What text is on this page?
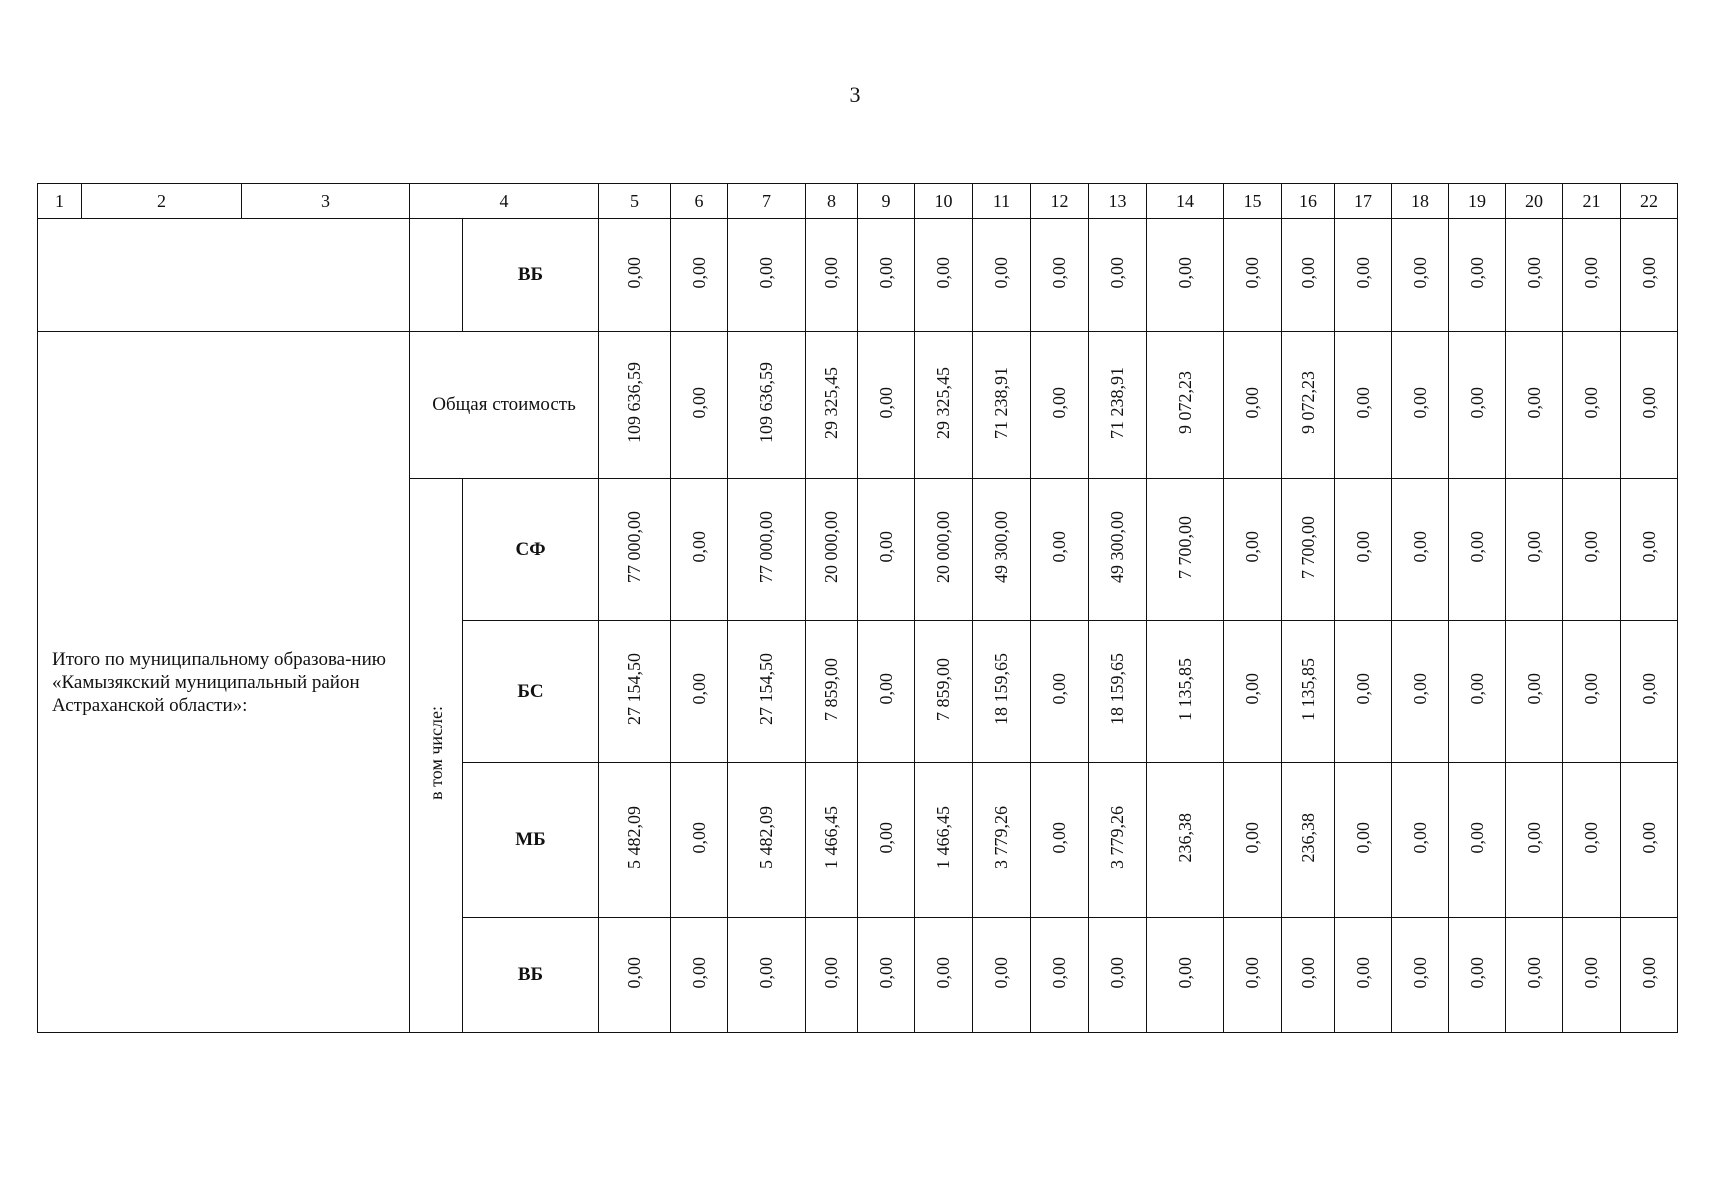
3
1	2	3	4		5	6	7	8	9	10	11	12	13	14	15	16	17	18	19	20	21	22
				ВБ	0,00	0,00	0,00	0,00	0,00	0,00	0,00	0,00	0,00	0,00	0,00	0,00	0,00	0,00	0,00	0,00	0,00	0,00
Итого по муниципальному образова-нию «Камызякский муниципальный район Астраханской области»:			Общая стоимость		109 636,59	0,00	109 636,59	29 325,45	0,00	29 325,45	71 238,91	0,00	71 238,91	9 072,23	0,00	9 072,23	0,00	0,00	0,00	0,00	0,00	0,00
			в том числе:	СФ	77 000,00	0,00	77 000,00	20 000,00	0,00	20 000,00	49 300,00	0,00	49 300,00	7 700,00	0,00	7 700,00	0,00	0,00	0,00	0,00	0,00	0,00
				БС	27 154,50	0,00	27 154,50	7 859,00	0,00	7 859,00	18 159,65	0,00	18 159,65	1 135,85	0,00	1 135,85	0,00	0,00	0,00	0,00	0,00	0,00
				МБ	5 482,09	0,00	5 482,09	1 466,45	0,00	1 466,45	3 779,26	0,00	3 779,26	236,38	0,00	236,38	0,00	0,00	0,00	0,00	0,00	0,00
				ВБ	0,00	0,00	0,00	0,00	0,00	0,00	0,00	0,00	0,00	0,00	0,00	0,00	0,00	0,00	0,00	0,00	0,00	0,00
